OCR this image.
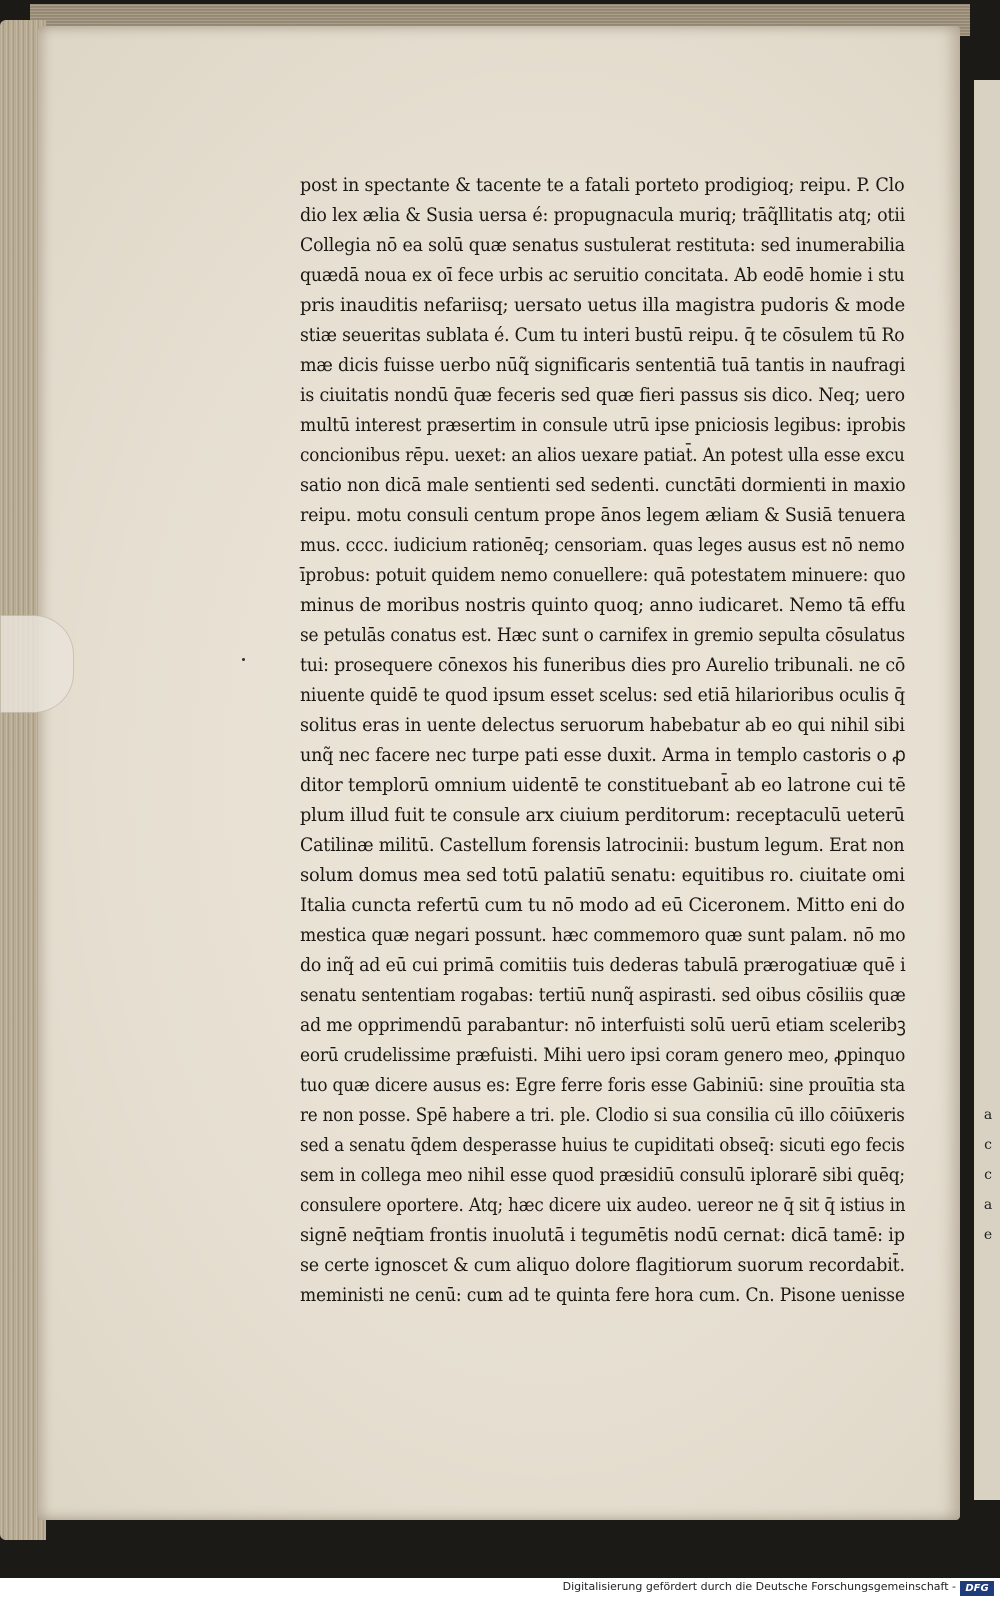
a
c
c
a
e
post in spectante & tacente te a fatali porteto prodigioq; reipu. P. Clo
dio lex ælia & Susia uersa é: propugnacula muriq; trāq̃llitatis atq; otii
Collegia nō ea solū quæ senatus sustulerat restituta: sed inumerabilia
quædā noua ex oī fece urbis ac seruitio concitata. Ab eodē homie i stu
pris inauditis nefariisq; uersato uetus illa magistra pudoris & mode
stiæ seueritas sublata é. Cum tu interi bustū reipu. q̄ te cōsulem tū Ro
mæ dicis fuisse uerbo nūq̃ significaris sententiā tuā tantis in naufragi
is ciuitatis nondū q̄uæ feceris sed quæ fieri passus sis dico. Neq; uero
multū interest præsertim in consule utrū ipse pniciosis legibus: iprobis
concionibus rēpu. uexet: an alios uexare patiat̄. An potest ulla esse excu
satio non dicā male sentienti sed sedenti. cunctāti dormienti in maxio
reipu. motu consuli centum prope ānos legem æliam & Susiā tenuera
mus. cccc. iudicium rationēq; censoriam. quas leges ausus est nō nemo
īprobus: potuit quidem nemo conuellere: quā potestatem minuere: quo
minus de moribus nostris quinto quoq; anno iudicaret. Nemo tā effu
se petulās conatus est. Hæc sunt o carnifex in gremio sepulta cōsulatus
tui: prosequere cōnexos his funeribus dies pro Aurelio tribunali. ne cō
niuente quidē te quod ipsum esset scelus: sed etiā hilarioribus oculis q̄
solitus eras in uente delectus seruorum habebatur ab eo qui nihil sibi
unq̃ nec facere nec turpe pati esse duxit. Arma in templo castoris o ꝓ
ditor templorū omnium uidentē te constituebant̄ ab eo latrone cui tē
plum illud fuit te consule arx ciuium perditorum: receptaculū ueterū
Catilinæ militū. Castellum forensis latrocinii: bustum legum. Erat non
solum domus mea sed totū palatiū senatu: equitibus ro. ciuitate omi
Italia cuncta refertū cum tu nō modo ad eū Ciceronem. Mitto eni do
mestica quæ negari possunt. hæc commemoro quæ sunt palam. nō mo
do inq̃ ad eū cui primā comitiis tuis dederas tabulā prærogatiuæ quē i
senatu sententiam rogabas: tertiū nunq̃ aspirasti. sed oibus cōsiliis quæ
ad me opprimendū parabantur: nō interfuisti solū uerū etiam sceleribꝫ
eorū crudelissime præfuisti. Mihi uero ipsi coram genero meo, ꝓpinquo
tuo quæ dicere ausus es: Egre ferre foris esse Gabiniū: sine prouītia sta
re non posse. Spē habere a tri. ple. Clodio si sua consilia cū illo cōiūxeris
sed a senatu q̄dem desperasse huius te cupiditati obseq̄: sicuti ego fecis
sem in collega meo nihil esse quod præsidiū consulū iplorarē sibi quēq;
consulere oportere. Atq; hæc dicere uix audeo. uereor ne q̄ sit q̄ istius in
signē neq̄tiam frontis inuolutā i tegumētis nodū cernat: dicā tamē: ip
se certe ignoscet & cum aliquo dolore flagitiorum suorum recordabit̄.
meministi ne cenū: cum ad te quinta fere hora cum. Cn. Pisone uenisse
Digitalisierung gefördert durch die Deutsche Forschungsgemeinschaft - DFG
